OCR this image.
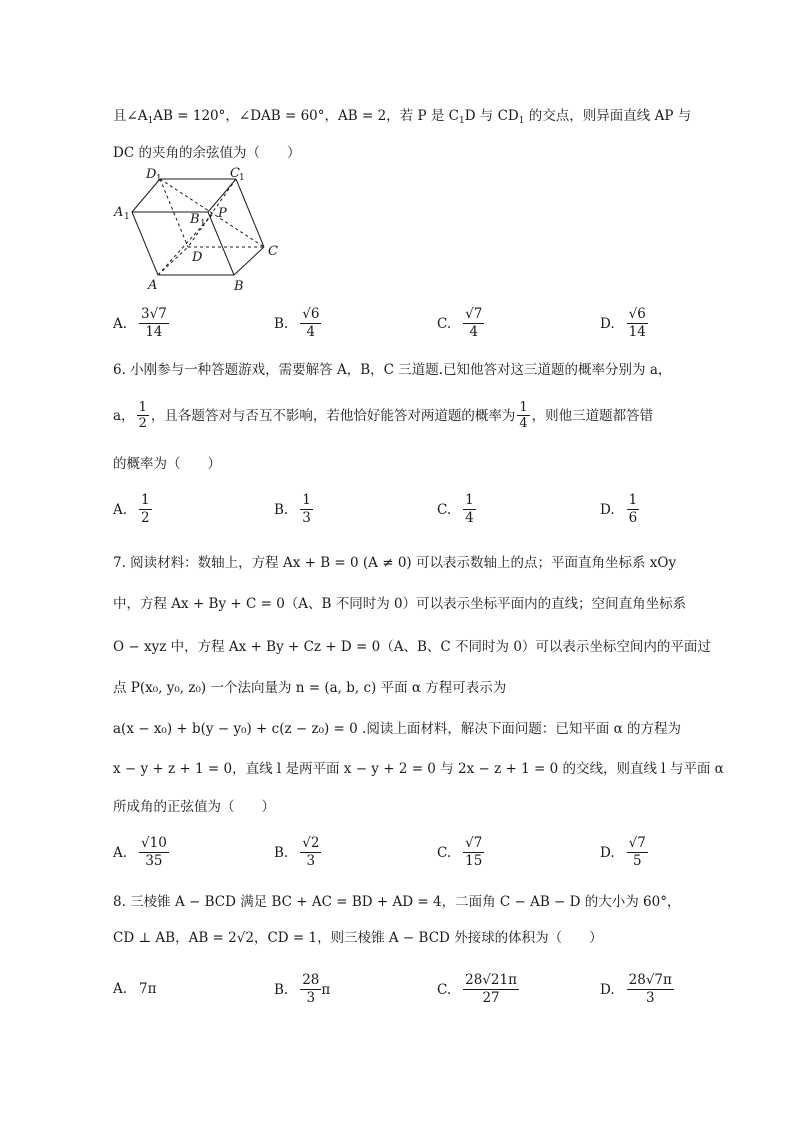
且$\angle A_1AB = 120^\circ$，∠DAB = 60°，AB = 2，若 P 是 $C_1D$ 与 $CD_1$ 的交点，则异面直线 AP 与
DC 的夹角的余弦值为（　　）
D 1	C 1
A 1	B 1
P
D	C
A	B
A. $\frac{3√7}{14}$	B. $\frac{√6}{4}$	C. $\frac{√7}{4}$	D. $\frac{√6}{14}$
6. 小刚参与一种答题游戏，需要解答 A，B，C 三道题.已知他答对这三道题的概率分别为 a，
a， 1
2 ，且各题答对与否互不影响，若他恰好能答对两道题的概率为 1
4 ，则他三道题都答错
的概率为（　　）
A. $\frac{1}{2}$	B. $\frac{1}{3}$	C. $\frac{1}{4}$	D. $\frac{1}{6}$
7. 阅读材料：数轴上，方程 Ax + B = 0 (A ≠ 0) 可以表示数轴上的点；平面直角坐标系 xOy
中，方程 Ax + By + C = 0（A、B 不同时为 0）可以表示坐标平面内的直线；空间直角坐标系
O − xyz 中，方程 Ax + By + Cz + D = 0（A、B、C 不同时为 0）可以表示坐标空间内的平面过
点 P(x₀, y₀, z₀) 一个法向量为 n = (a, b, c) 平面 α 方程可表示为
a(x − x₀) + b(y − y₀) + c(z − z₀) = 0 .阅读上面材料，解决下面问题：已知平面 α 的方程为
x − y + z + 1 = 0，直线 l 是两平面 x − y + 2 = 0 与 2x − z + 1 = 0 的交线，则直线 l 与平面 α
所成角的正弦值为（　　）
A. $\frac{√10}{35}$	B. $\frac{√2}{3}$	C. $\frac{√7}{15}$	D. $\frac{√7}{5}$
8. 三棱锥 A − BCD 满足 BC + AC = BD + AD = 4，二面角 C − AB − D 的大小为 60°，
CD ⊥ AB，AB = 2√2，CD = 1，则三棱锥 A − BCD 外接球的体积为（　　）
A. 7π	B. $\frac{28}{3}$ π	C. $\frac{28√21\pi}{27}$	D. $\frac{28√7\pi}{3}$
